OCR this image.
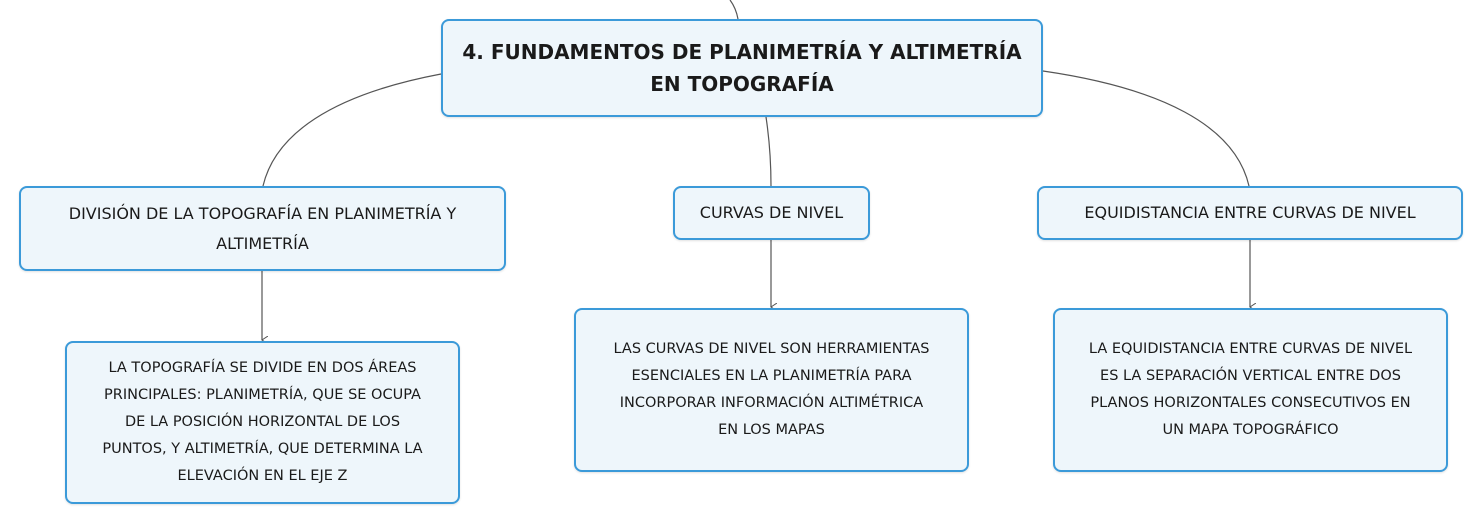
4. FUNDAMENTOS DE PLANIMETRÍA Y ALTIMETRÍA
EN TOPOGRAFÍA
DIVISIÓN DE LA TOPOGRAFÍA EN PLANIMETRÍA Y
ALTIMETRÍA
CURVAS DE NIVEL	EQUIDISTANCIA ENTRE CURVAS DE NIVEL
LA TOPOGRAFÍA SE DIVIDE EN DOS ÁREAS
PRINCIPALES: PLANIMETRÍA, QUE SE OCUPA
DE LA POSICIÓN HORIZONTAL DE LOS
PUNTOS, Y ALTIMETRÍA, QUE DETERMINA LA
ELEVACIÓN EN EL EJE Z
LAS CURVAS DE NIVEL SON HERRAMIENTAS
ESENCIALES EN LA PLANIMETRÍA PARA
INCORPORAR INFORMACIÓN ALTIMÉTRICA
EN LOS MAPAS
LA EQUIDISTANCIA ENTRE CURVAS DE NIVEL
ES LA SEPARACIÓN VERTICAL ENTRE DOS
PLANOS HORIZONTALES CONSECUTIVOS EN
UN MAPA TOPOGRÁFICO
